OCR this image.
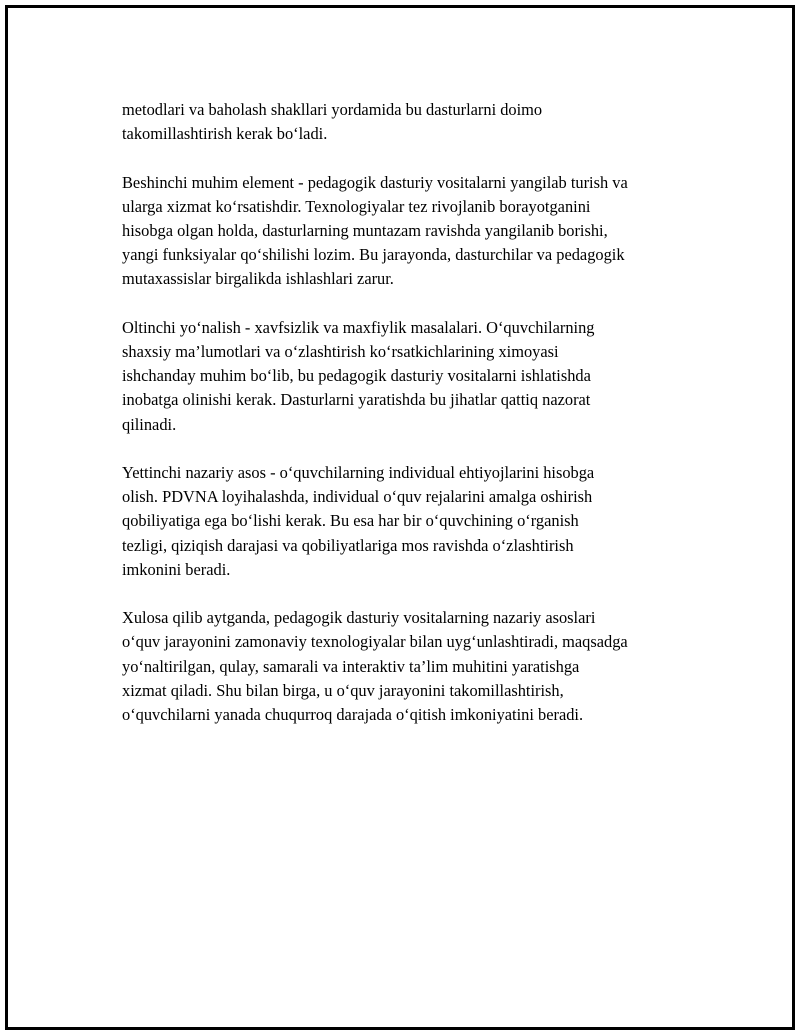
metodlari va baholash shakllari yordamida bu dasturlarni doimo
takomillashtirish kerak bo‘ladi.

Beshinchi muhim element - pedagogik dasturiy vositalarni yangilab turish va
ularga xizmat ko‘rsatishdir. Texnologiyalar tez rivojlanib borayotganini
hisobga olgan holda, dasturlarning muntazam ravishda yangilanib borishi,
yangi funksiyalar qo‘shilishi lozim. Bu jarayonda, dasturchilar va pedagogik
mutaxassislar birgalikda ishlashlari zarur.

Oltinchi yo‘nalish - xavfsizlik va maxfiylik masalalari. O‘quvchilarning
shaxsiy ma’lumotlari va o‘zlashtirish ko‘rsatkichlarining ximoyasi
ishchanday muhim bo‘lib, bu pedagogik dasturiy vositalarni ishlatishda
inobatga olinishi kerak. Dasturlarni yaratishda bu jihatlar qattiq nazorat
qilinadi.

Yettinchi nazariy asos - o‘quvchilarning individual ehtiyojlarini hisobga
olish. PDVNA loyihalashda, individual o‘quv rejalarini amalga oshirish
qobiliyatiga ega bo‘lishi kerak. Bu esa har bir o‘quvchining o‘rganish
tezligi, qiziqish darajasi va qobiliyatlariga mos ravishda o‘zlashtirish
imkonini beradi.

Xulosa qilib aytganda, pedagogik dasturiy vositalarning nazariy asoslari
o‘quv jarayonini zamonaviy texnologiyalar bilan uyg‘unlashtiradi, maqsadga
yo‘naltirilgan, qulay, samarali va interaktiv ta’lim muhitini yaratishga
xizmat qiladi. Shu bilan birga, u o‘quv jarayonini takomillashtirish,
o‘quvchilarni yanada chuqurroq darajada o‘qitish imkoniyatini beradi.
